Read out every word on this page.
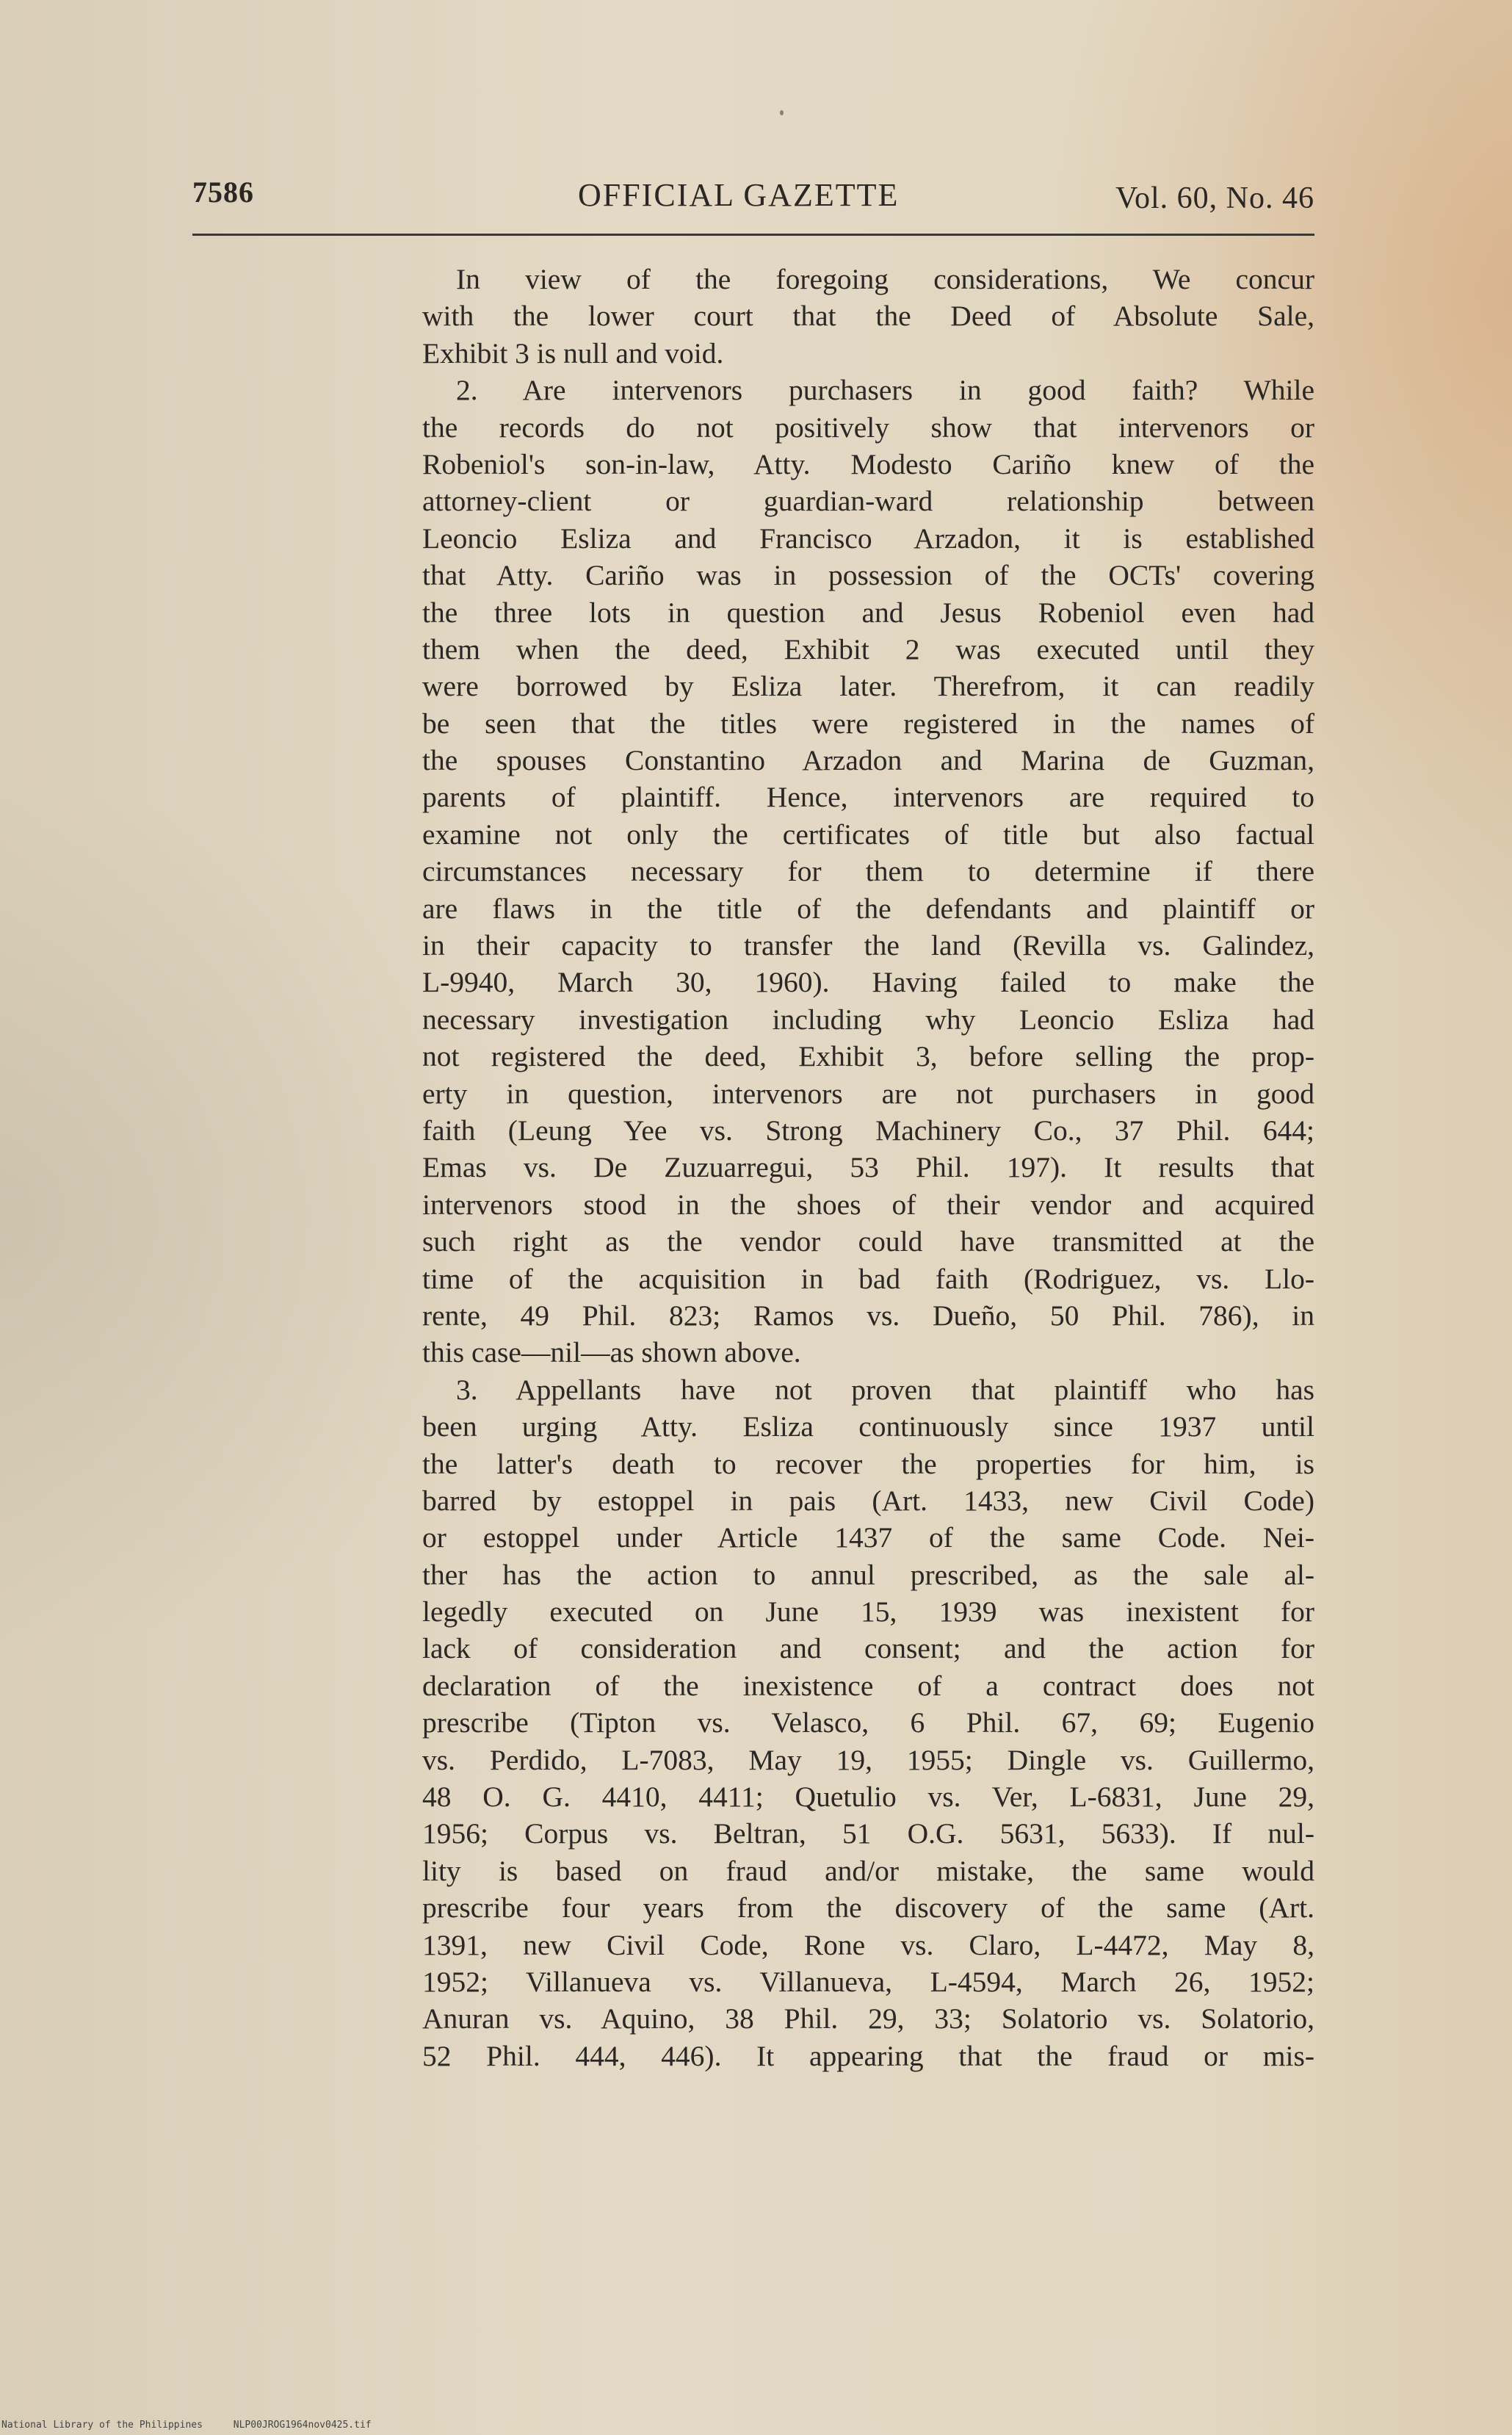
7586	OFFICIAL GAZETTE	Vol. 60, No. 46
In view of the foregoing considerations, We concur
with the lower court that the Deed of Absolute Sale,
Exhibit 3 is null and void.
2. Are intervenors purchasers in good faith? While
the records do not positively show that intervenors or
Robeniol's son-in-law, Atty. Modesto Cariño knew of the
attorney-client or guardian-ward relationship between
Leoncio Esliza and Francisco Arzadon, it is established
that Atty. Cariño was in possession of the OCTs' covering
the three lots in question and Jesus Robeniol even had
them when the deed, Exhibit 2 was executed until they
were borrowed by Esliza later. Therefrom, it can readily
be seen that the titles were registered in the names of
the spouses Constantino Arzadon and Marina de Guzman,
parents of plaintiff. Hence, intervenors are required to
examine not only the certificates of title but also factual
circumstances necessary for them to determine if there
are flaws in the title of the defendants and plaintiff or
in their capacity to transfer the land (Revilla vs. Galindez,
L-9940, March 30, 1960). Having failed to make the
necessary investigation including why Leoncio Esliza had
not registered the deed, Exhibit 3, before selling the prop-
erty in question, intervenors are not purchasers in good
faith (Leung Yee vs. Strong Machinery Co., 37 Phil. 644;
Emas vs. De Zuzuarregui, 53 Phil. 197). It results that
intervenors stood in the shoes of their vendor and acquired
such right as the vendor could have transmitted at the
time of the acquisition in bad faith (Rodriguez, vs. Llo-
rente, 49 Phil. 823; Ramos vs. Dueño, 50 Phil. 786), in
this case—nil—as shown above.
3. Appellants have not proven that plaintiff who has
been urging Atty. Esliza continuously since 1937 until
the latter's death to recover the properties for him, is
barred by estoppel in pais (Art. 1433, new Civil Code)
or estoppel under Article 1437 of the same Code. Nei-
ther has the action to annul prescribed, as the sale al-
legedly executed on June 15, 1939 was inexistent for
lack of consideration and consent; and the action for
declaration of the inexistence of a contract does not
prescribe (Tipton vs. Velasco, 6 Phil. 67, 69; Eugenio
vs. Perdido, L-7083, May 19, 1955; Dingle vs. Guillermo,
48 O. G. 4410, 4411; Quetulio vs. Ver, L-6831, June 29,
1956; Corpus vs. Beltran, 51 O.G. 5631, 5633). If nul-
lity is based on fraud and/or mistake, the same would
prescribe four years from the discovery of the same (Art.
1391, new Civil Code, Rone vs. Claro, L-4472, May 8,
1952; Villanueva vs. Villanueva, L-4594, March 26, 1952;
Anuran vs. Aquino, 38 Phil. 29, 33; Solatorio vs. Solatorio,
52 Phil. 444, 446). It appearing that the fraud or mis-
National Library of the Philippines	NLP00JROG1964nov0425.tif
